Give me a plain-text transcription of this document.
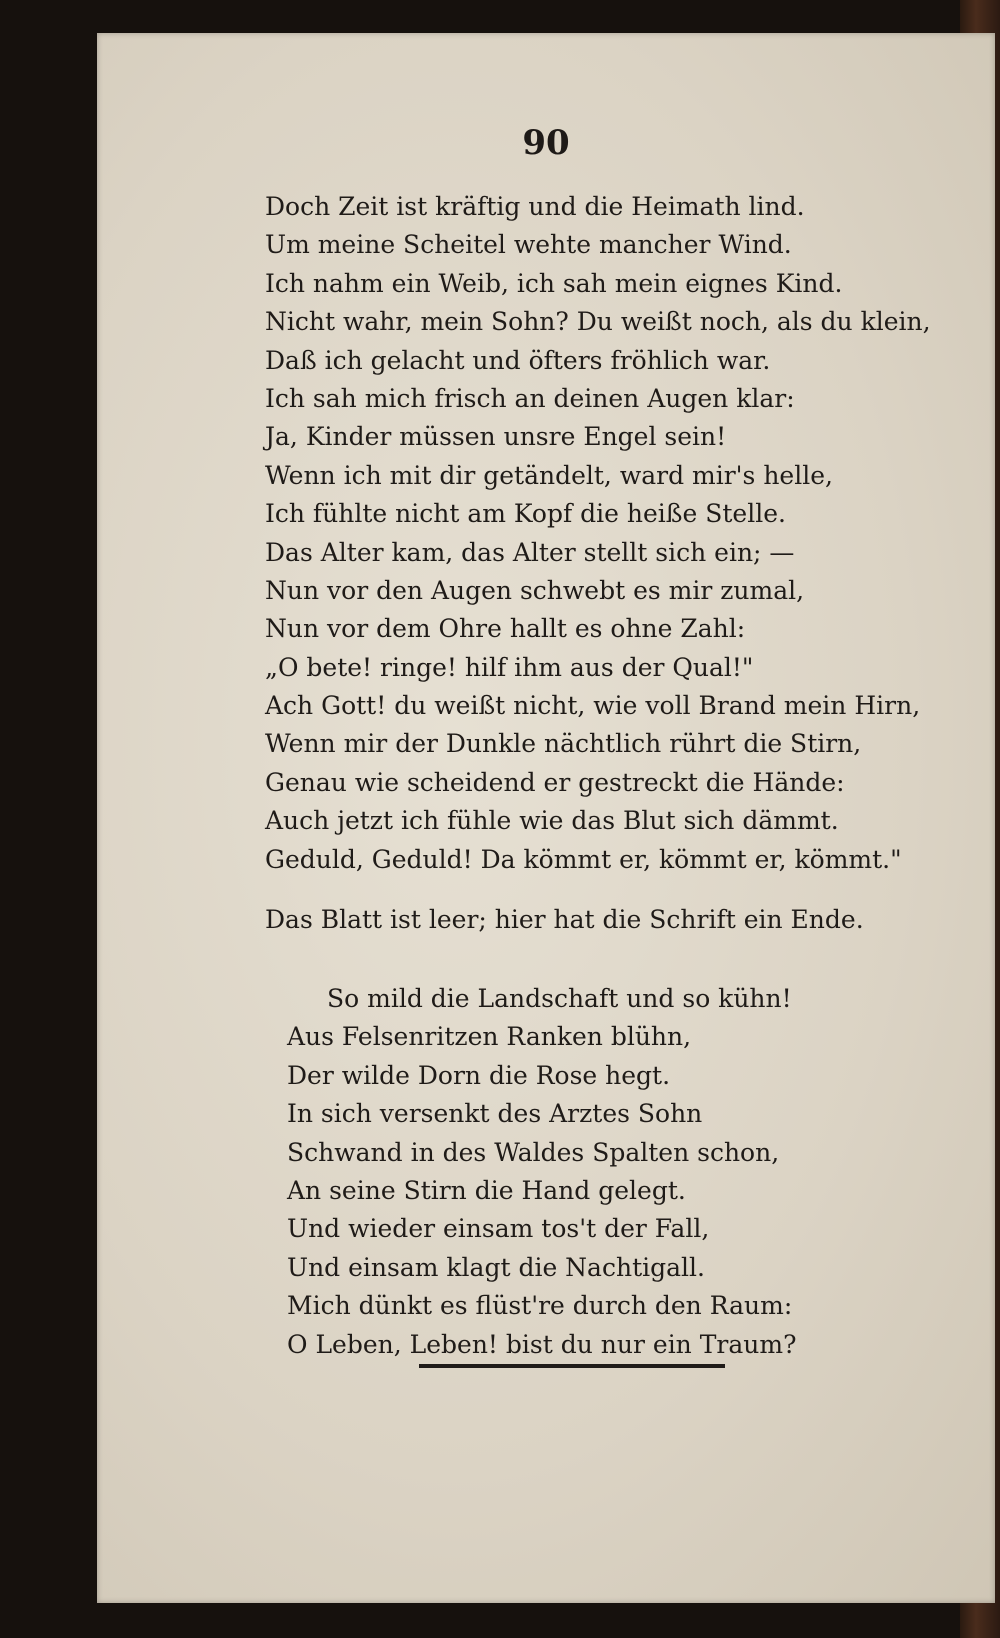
90
Doch Zeit ist kräftig und die Heimath lind.
Um meine Scheitel wehte mancher Wind.
Ich nahm ein Weib, ich sah mein eignes Kind.
Nicht wahr, mein Sohn? Du weißt noch, als du klein,
Daß ich gelacht und öfters fröhlich war.
Ich sah mich frisch an deinen Augen klar:
Ja, Kinder müssen unsre Engel sein!
Wenn ich mit dir getändelt, ward mir's helle,
Ich fühlte nicht am Kopf die heiße Stelle.
Das Alter kam, das Alter stellt sich ein; —
Nun vor den Augen schwebt es mir zumal,
Nun vor dem Ohre hallt es ohne Zahl:
„O bete! ringe! hilf ihm aus der Qual!"
Ach Gott! du weißt nicht, wie voll Brand mein Hirn,
Wenn mir der Dunkle nächtlich rührt die Stirn,
Genau wie scheidend er gestreckt die Hände:
Auch jetzt ich fühle wie das Blut sich dämmt.
Geduld, Geduld! Da kömmt er, kömmt er, kömmt."
Das Blatt ist leer; hier hat die Schrift ein Ende.
So mild die Landschaft und so kühn!
Aus Felsenritzen Ranken blühn,
Der wilde Dorn die Rose hegt.
In sich versenkt des Arztes Sohn
Schwand in des Waldes Spalten schon,
An seine Stirn die Hand gelegt.
Und wieder einsam tos't der Fall,
Und einsam klagt die Nachtigall.
Mich dünkt es flüst're durch den Raum:
O Leben, Leben! bist du nur ein Traum?
